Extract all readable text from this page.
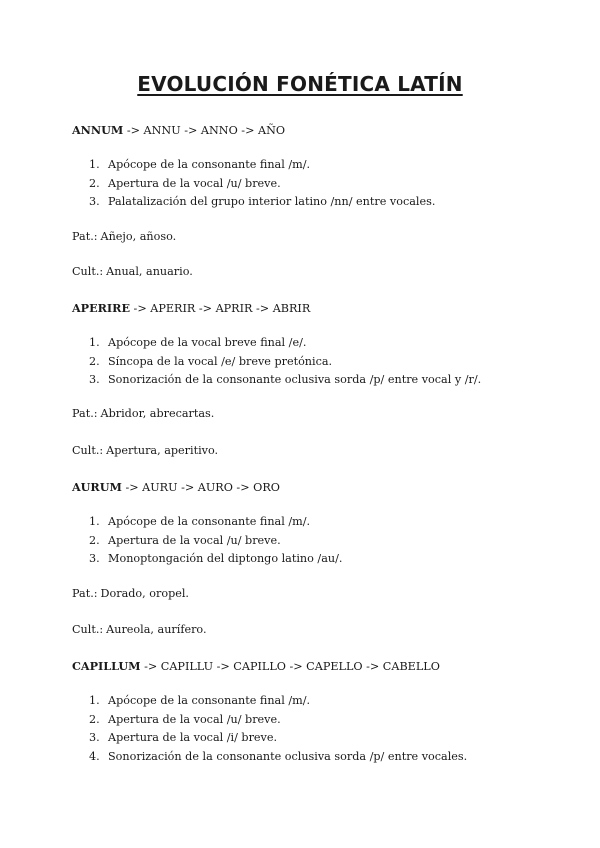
EVOLUCIÓN FONÉTICA LATÍN
ANNUM -> ANNU -> ANNO -> AÑO
1. Apócope de la consonante final /m/.
2. Apertura de la vocal /u/ breve.
3. Palatalización del grupo interior latino /nn/ entre vocales.
Pat.: Añejo, añoso.
Cult.: Anual, anuario.
APERIRE -> APERIR -> APRIR -> ABRIR
1. Apócope de la vocal breve final /e/.
2. Síncopa de la vocal /e/ breve pretónica.
3. Sonorización de la consonante oclusiva sorda /p/ entre vocal y /r/.
Pat.: Abridor, abrecartas.
Cult.: Apertura, aperitivo.
AURUM -> AURU -> AURO -> ORO
1. Apócope de la consonante final /m/.
2. Apertura de la vocal /u/ breve.
3. Monoptongación del diptongo latino /au/.
Pat.: Dorado, oropel.
Cult.: Aureola, aurífero.
CAPILLUM -> CAPILLU -> CAPILLO -> CAPELLO -> CABELLO
1. Apócope de la consonante final /m/.
2. Apertura de la vocal /u/ breve.
3. Apertura de la vocal /i/ breve.
4. Sonorización de la consonante oclusiva sorda /p/ entre vocales.
